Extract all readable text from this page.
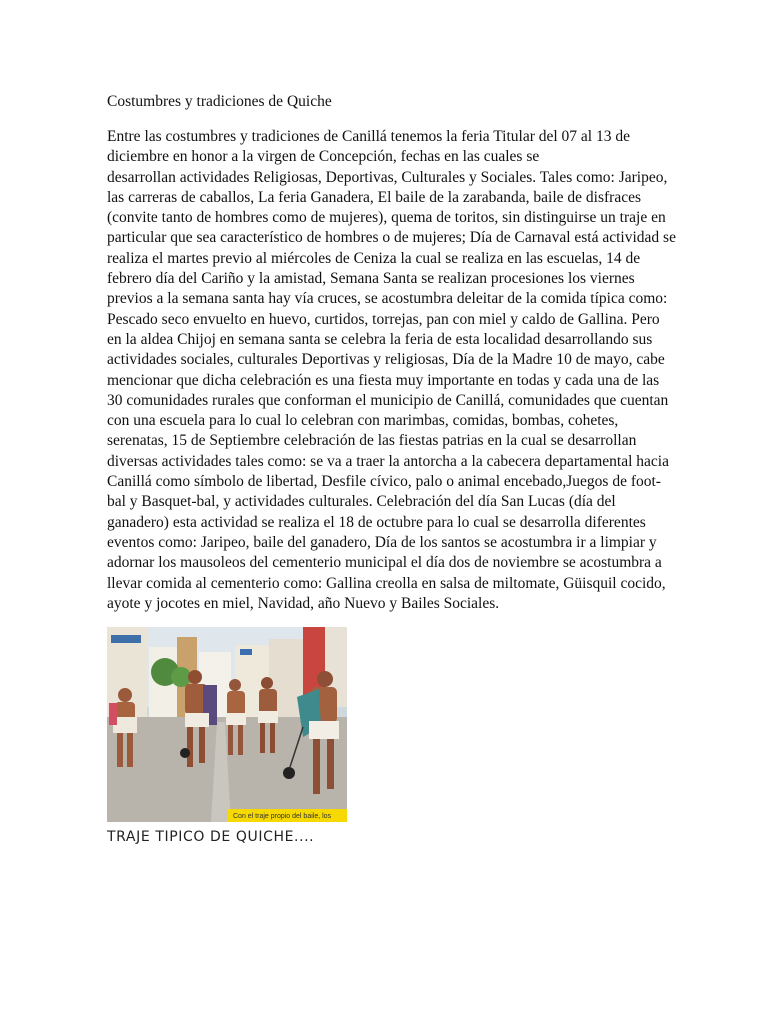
Costumbres y tradiciones de Quiche
Entre las costumbres y tradiciones de Canillá tenemos la feria Titular del 07 al 13 de
diciembre en honor a la virgen de Concepción, fechas en las cuales se
desarrollan actividades Religiosas, Deportivas, Culturales y Sociales. Tales como: Jaripeo,
las carreras de caballos, La feria Ganadera, El baile de la zarabanda, baile de disfraces
(convite tanto de hombres como de mujeres), quema de toritos, sin distinguirse un traje en
particular que sea característico de hombres o de mujeres; Día de Carnaval está actividad se
realiza el martes previo al miércoles de Ceniza la cual se realiza en las escuelas, 14 de
febrero día del Cariño y la amistad, Semana Santa se realizan procesiones los viernes
previos a la semana santa hay vía cruces, se acostumbra deleitar de la comida típica como:
Pescado seco envuelto en huevo, curtidos, torrejas, pan con miel y caldo de Gallina. Pero
en la aldea Chijoj en semana santa se celebra la feria de esta localidad desarrollando sus
actividades sociales, culturales Deportivas y religiosas, Día de la Madre 10 de mayo, cabe
mencionar que dicha celebración es una fiesta muy importante en todas y cada una de las
30 comunidades rurales que conforman el municipio de Canillá, comunidades que cuentan
con una escuela para lo cual lo celebran con marimbas, comidas, bombas, cohetes,
serenatas, 15 de Septiembre celebración de las fiestas patrias en la cual se desarrollan
diversas actividades tales como: se va a traer la antorcha a la cabecera departamental hacia
Canillá como símbolo de libertad, Desfile cívico, palo o animal encebado,Juegos de foot-
bal y Basquet-bal, y actividades culturales. Celebración del día San Lucas (día del
ganadero) esta actividad se realiza el 18 de octubre para lo cual se desarrolla diferentes
eventos como: Jaripeo, baile del ganadero, Día de los santos se acostumbra ir a limpiar y
adornar los mausoleos del cementerio municipal el día dos de noviembre se acostumbra a
llevar comida al cementerio como: Gallina creolla en salsa de miltomate, Güisquil cocido,
ayote y jocotes en miel, Navidad, año Nuevo y Bailes Sociales.
Con el traje propio del baile, los
TRAJE TIPICO DE QUICHE....
